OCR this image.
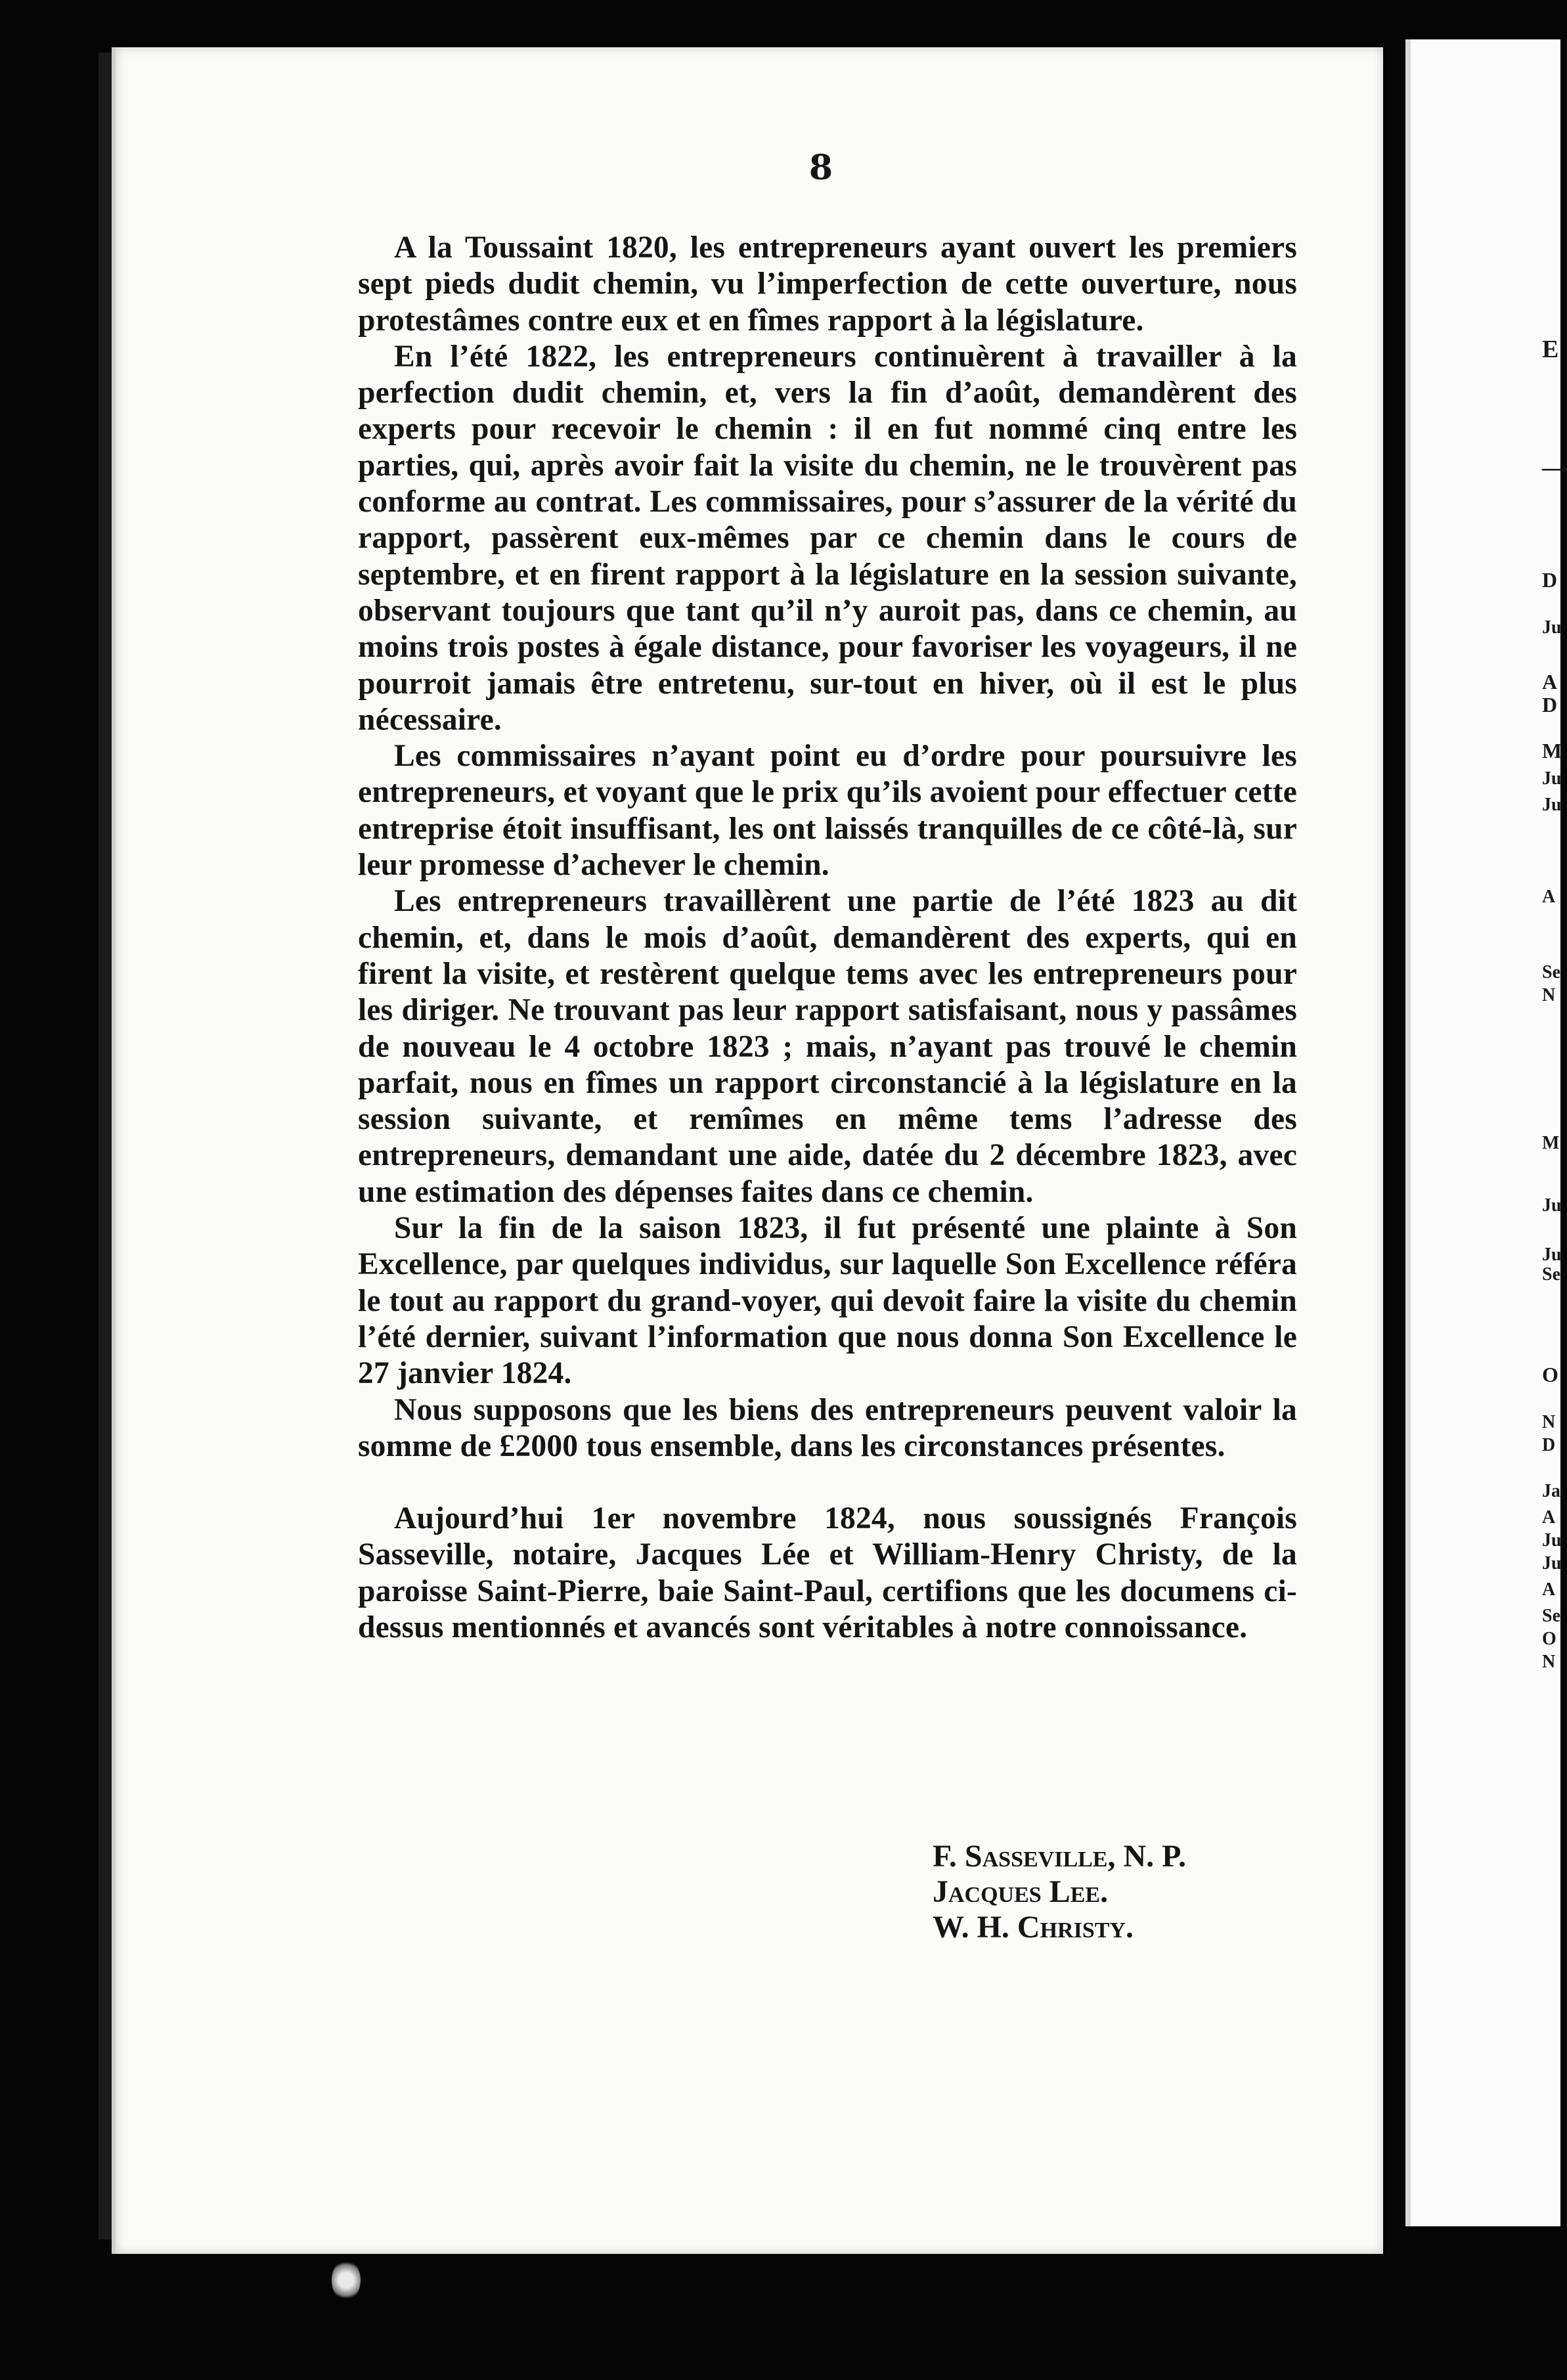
8

A la Toussaint 1820, les entrepreneurs ayant ouvert les premiers sept pieds dudit chemin, vu l’imperfection de cette ouverture, nous protestâmes contre eux et en fîmes rapport à la législature.

En l’été 1822, les entrepreneurs continuèrent à travailler à la perfection dudit chemin, et, vers la fin d’août, demandèrent des experts pour recevoir le chemin : il en fut nommé cinq entre les parties, qui, après avoir fait la visite du chemin, ne le trouvèrent pas conforme au contrat. Les commissaires, pour s’assurer de la vérité du rapport, passèrent eux-mêmes par ce chemin dans le cours de septembre, et en firent rapport à la législature en la session suivante, observant toujours que tant qu’il n’y auroit pas, dans ce chemin, au moins trois postes à égale distance, pour favoriser les voyageurs, il ne pourroit jamais être entretenu, sur-tout en hiver, où il est le plus nécessaire.

Les commissaires n’ayant point eu d’ordre pour poursuivre les entrepreneurs, et voyant que le prix qu’ils avoient pour effectuer cette entreprise étoit insuffisant, les ont laissés tranquilles de ce côté-là, sur leur promesse d’achever le chemin.

Les entrepreneurs travaillèrent une partie de l’été 1823 au dit chemin, et, dans le mois d’août, demandèrent des experts, qui en firent la visite, et restèrent quelque tems avec les entrepreneurs pour les diriger. Ne trouvant pas leur rapport satisfaisant, nous y passâmes de nouveau le 4 octobre 1823 ; mais, n’ayant pas trouvé le chemin parfait, nous en fîmes un rapport circonstancié à la législature en la session suivante, et remîmes en même tems l’adresse des entrepreneurs, demandant une aide, datée du 2 décembre 1823, avec une estimation des dépenses faites dans ce chemin.

Sur la fin de la saison 1823, il fut présenté une plainte à Son Excellence, par quelques individus, sur laquelle Son Excellence référa le tout au rapport du grand-voyer, qui devoit faire la visite du chemin l’été dernier, suivant l’information que nous donna Son Excellence le 27 janvier 1824.

Nous supposons que les biens des entrepreneurs peuvent valoir la somme de £2000 tous ensemble, dans les circonstances présentes.

Aujourd’hui 1er novembre 1824, nous soussignés François Sasseville, notaire, Jacques Lée et William-Henry Christy, de la paroisse Saint-Pierre, baie Saint-Paul, certifions que les documens ci-dessus mentionnés et avancés sont véritables à notre connoissance.

F. Sasseville, N. P.
Jacques Lee.
W. H. Christy.
E
—
D
Ju
A
D
M
Ju
Ju
A
Se
N
M
Ju
Ju
Se
O
N
D
Ja
A
Ju
Ju
A
Se
O
N
